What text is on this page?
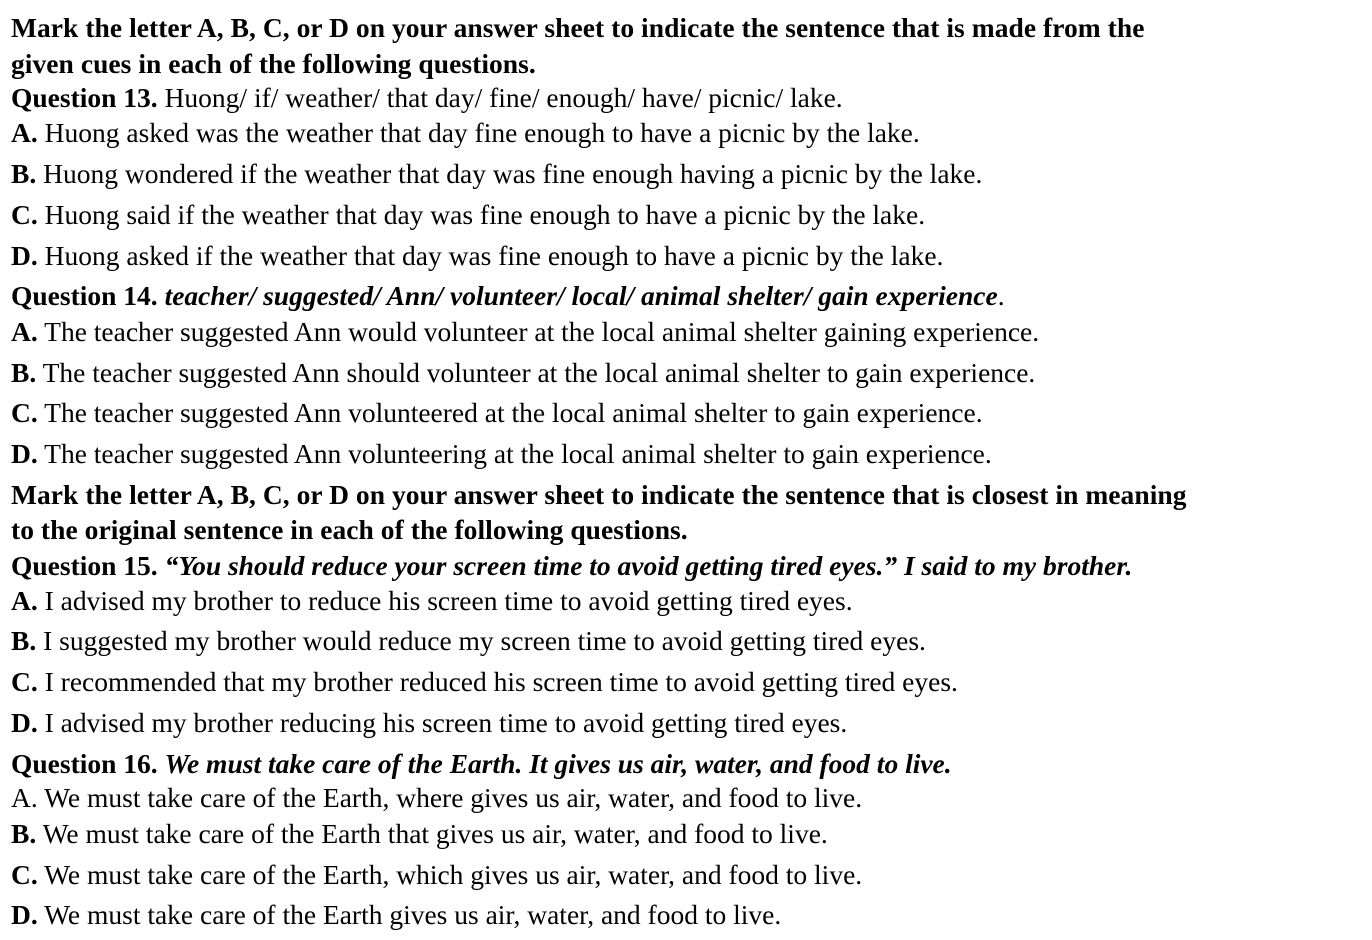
Mark the letter A, B, C, or D on your answer sheet to indicate the sentence that is made from the
given cues in each of the following questions.
Question 13. Huong/ if/ weather/ that day/ fine/ enough/ have/ picnic/ lake.
A. Huong asked was the weather that day fine enough to have a picnic by the lake.
B. Huong wondered if the weather that day was fine enough having a picnic by the lake.
C. Huong said if the weather that day was fine enough to have a picnic by the lake.
D. Huong asked if the weather that day was fine enough to have a picnic by the lake.
Question 14. teacher/ suggested/ Ann/ volunteer/ local/ animal shelter/ gain experience.
A. The teacher suggested Ann would volunteer at the local animal shelter gaining experience.
B. The teacher suggested Ann should volunteer at the local animal shelter to gain experience.
C. The teacher suggested Ann volunteered at the local animal shelter to gain experience.
D. The teacher suggested Ann volunteering at the local animal shelter to gain experience.
Mark the letter A, B, C, or D on your answer sheet to indicate the sentence that is closest in meaning
to the original sentence in each of the following questions.
Question 15. “You should reduce your screen time to avoid getting tired eyes.” I said to my brother.
A. I advised my brother to reduce his screen time to avoid getting tired eyes.
B. I suggested my brother would reduce my screen time to avoid getting tired eyes.
C. I recommended that my brother reduced his screen time to avoid getting tired eyes.
D. I advised my brother reducing his screen time to avoid getting tired eyes.
Question 16. We must take care of the Earth. It gives us air, water, and food to live.
A. We must take care of the Earth, where gives us air, water, and food to live.
B. We must take care of the Earth that gives us air, water, and food to live.
C. We must take care of the Earth, which gives us air, water, and food to live.
D. We must take care of the Earth gives us air, water, and food to live.
